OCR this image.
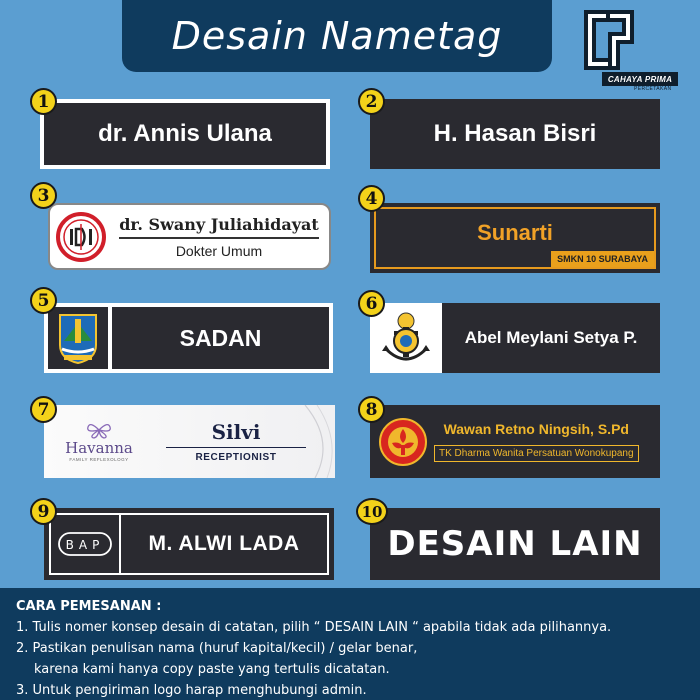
Desain Nametag
CAHAYA PRIMA
PERCETAKAN
1
dr. Annis Ulana
2
H. Hasan Bisri
3
dr. Swany Juliahidayat
Dokter Umum
4
Sunarti
SMKN 10 SURABAYA
5
SADAN
6
Abel Meylani Setya P.
7
Havanna
FAMILY REFLEXOLOGY
Silvi
RECEPTIONIST
8
Wawan Retno Ningsih, S.Pd
TK Dharma Wanita Persatuan Wonokupang
9
BAP	M. ALWI LADA
10
DESAIN LAIN
CARA PEMESANAN :
1. Tulis nomer konsep desain di catatan, pilih “ DESAIN LAIN “ apabila tidak ada pilihannya.
2. Pastikan penulisan nama (huruf kapital/kecil) / gelar benar,
karena kami hanya copy paste yang tertulis dicatatan.
3. Untuk pengiriman logo harap menghubungi admin.
